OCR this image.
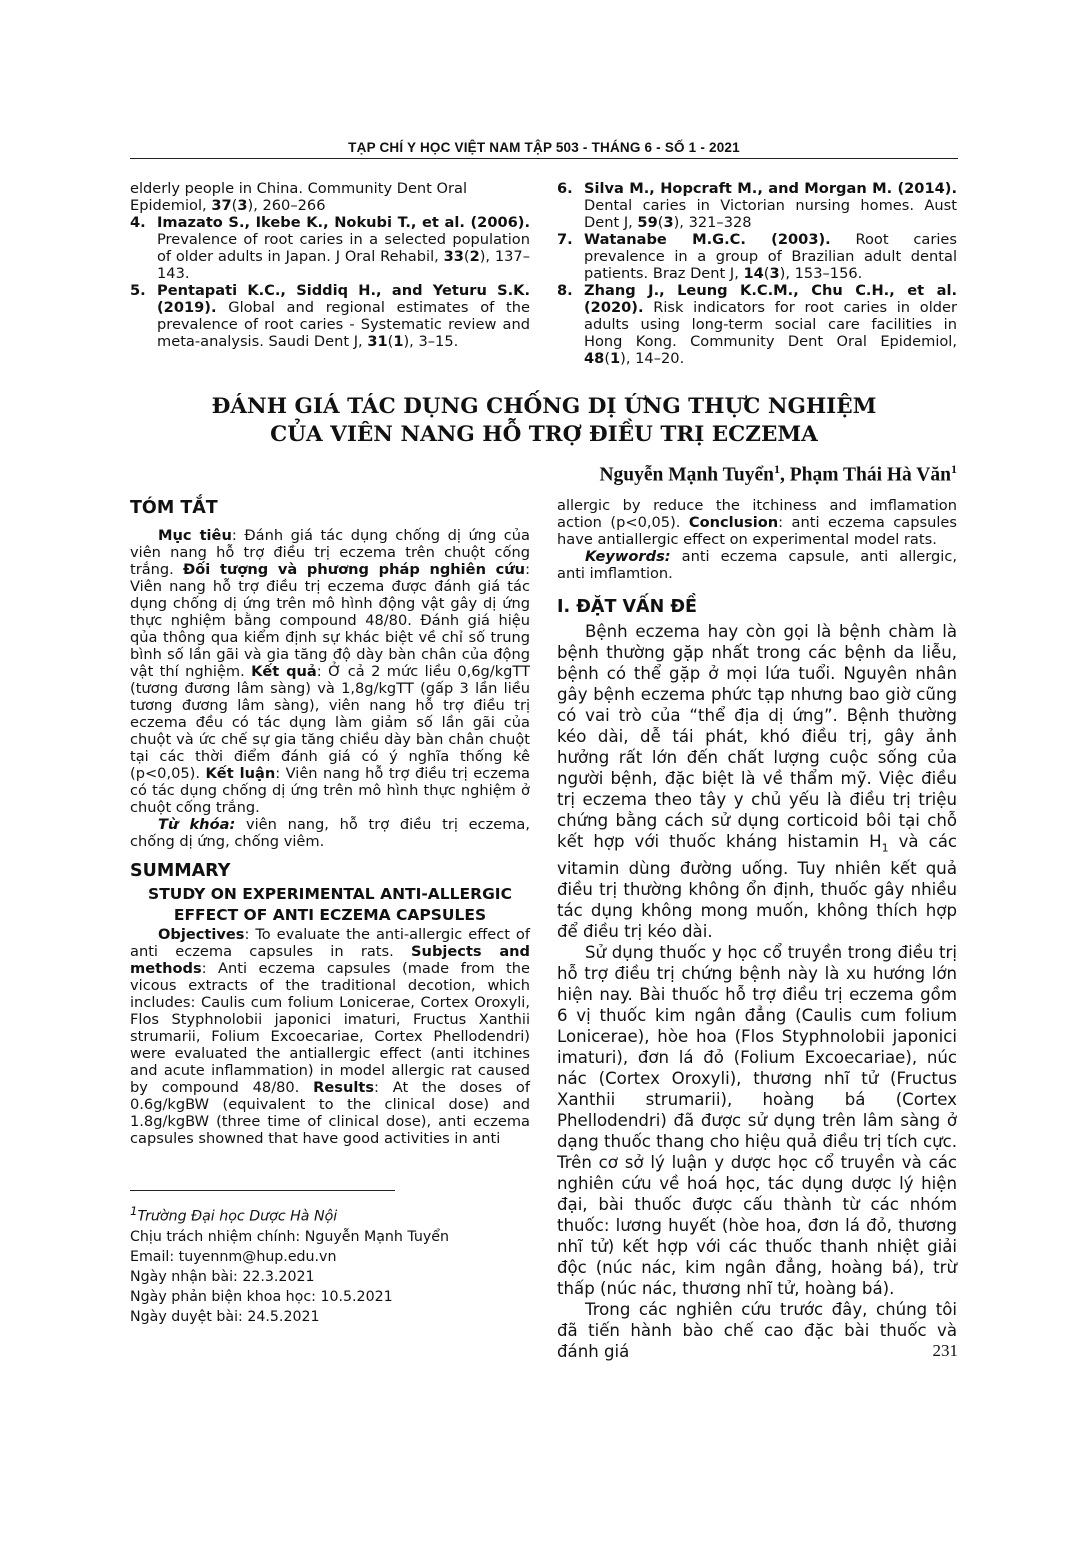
TẠP CHÍ Y HỌC VIỆT NAM TẬP 503 - THÁNG 6 - SỐ 1 - 2021
elderly people in China. Community Dent Oral
Epidemiol, 37(3), 260–266
4. Imazato S., Ikebe K., Nokubi T., et al. (2006). Prevalence of root caries in a selected population of older adults in Japan. J Oral Rehabil, 33(2), 137–143.
5. Pentapati K.C., Siddiq H., and Yeturu S.K. (2019). Global and regional estimates of the prevalence of root caries - Systematic review and meta-analysis. Saudi Dent J, 31(1), 3–15.
6. Silva M., Hopcraft M., and Morgan M. (2014). Dental caries in Victorian nursing homes. Aust Dent J, 59(3), 321–328
7. Watanabe M.G.C. (2003). Root caries prevalence in a group of Brazilian adult dental patients. Braz Dent J, 14(3), 153–156.
8. Zhang J., Leung K.C.M., Chu C.H., et al. (2020). Risk indicators for root caries in older adults using long-term social care facilities in Hong Kong. Community Dent Oral Epidemiol, 48(1), 14–20.
ĐÁNH GIÁ TÁC DỤNG CHỐNG DỊ ỨNG THỰC NGHIỆM
CỦA VIÊN NANG HỖ TRỢ ĐIỀU TRỊ ECZEMA
Nguyễn Mạnh Tuyển$^1$, Phạm Thái Hà Văn$^1$
TÓM TẮT

Mục tiêu: Đánh giá tác dụng chống dị ứng của viên nang hỗ trợ điều trị eczema trên chuột cống trắng. Đối tượng và phương pháp nghiên cứu: Viên nang hỗ trợ điều trị eczema được đánh giá tác dụng chống dị ứng trên mô hình động vật gây dị ứng thực nghiệm bằng compound 48/80. Đánh giá hiệu qủa thông qua kiểm định sự khác biệt về chỉ số trung bình số lần gãi và gia tăng độ dày bàn chân của động vật thí nghiệm. Kết quả: Ở cả 2 mức liều 0,6g/kgTT (tương đương lâm sàng) và 1,8g/kgTT (gấp 3 lần liều tương đương lâm sàng), viên nang hỗ trợ điều trị eczema đều có tác dụng làm giảm số lần gãi của chuột và ức chế sự gia tăng chiều dày bàn chân chuột tại các thời điểm đánh giá có ý nghĩa thống kê (p<0,05). Kết luận: Viên nang hỗ trợ điều trị eczema có tác dụng chống dị ứng trên mô hình thực nghiệm ở chuột cống trắng.

Từ khóa: viên nang, hỗ trợ điều trị eczema, chống dị ứng, chống viêm.

SUMMARY
STUDY ON EXPERIMENTAL ANTI-ALLERGIC
EFFECT OF ANTI ECZEMA CAPSULES

Objectives: To evaluate the anti-allergic effect of anti eczema capsules in rats. Subjects and methods: Anti eczema capsules (made from the vicous extracts of the traditional decotion, which includes: Caulis cum folium Lonicerae, Cortex Oroxyli, Flos Styphnolobii japonici imaturi, Fructus Xanthii strumarii, Folium Excoecariae, Cortex Phellodendri) were evaluated the antiallergic effect (anti itchines and acute inflammation) in model allergic rat caused by compound 48/80. Results: At the doses of 0.6g/kgBW (equivalent to the clinical dose) and 1.8g/kgBW (three time of clinical dose), anti eczema capsules showned that have good activities in anti

$^1$Trường Đại học Dược Hà Nội
Chịu trách nhiệm chính: Nguyễn Mạnh Tuyển
Email: tuyennm@hup.edu.vn
Ngày nhận bài: 22.3.2021
Ngày phản biện khoa học: 10.5.2021
Ngày duyệt bài: 24.5.2021

allergic by reduce the itchiness and imflamation action (p<0,05). Conclusion: anti eczema capsules have antiallergic effect on experimental model rats.

Keywords: anti eczema capsule, anti allergic, anti imflamtion.

I. ĐẶT VẤN ĐỀ

Bệnh eczema hay còn gọi là bệnh chàm là bệnh thường gặp nhất trong các bệnh da liễu, bệnh có thể gặp ở mọi lứa tuổi. Nguyên nhân gây bệnh eczema phức tạp nhưng bao giờ cũng có vai trò của “thể địa dị ứng”. Bệnh thường kéo dài, dễ tái phát, khó điều trị, gây ảnh hưởng rất lớn đến chất lượng cuộc sống của người bệnh, đặc biệt là về thẩm mỹ. Việc điều trị eczema theo tây y chủ yếu là điều trị triệu chứng bằng cách sử dụng corticoid bôi tại chỗ kết hợp với thuốc kháng histamin $H_1$ và các vitamin dùng đường uống. Tuy nhiên kết quả điều trị thường không ổn định, thuốc gây nhiều tác dụng không mong muốn, không thích hợp để điều trị kéo dài.

Sử dụng thuốc y học cổ truyền trong điều trị hỗ trợ điều trị chứng bệnh này là xu hướng lớn hiện nay. Bài thuốc hỗ trợ điều trị eczema gồm 6 vị thuốc kim ngân đẳng (Caulis cum folium Lonicerae), hòe hoa (Flos Styphnolobii japonici imaturi), đơn lá đỏ (Folium Excoecariae), núc nác (Cortex Oroxyli), thương nhĩ tử (Fructus Xanthii strumarii), hoàng bá (Cortex Phellodendri) đã được sử dụng trên lâm sàng ở dạng thuốc thang cho hiệu quả điều trị tích cực. Trên cơ sở lý luận y dược học cổ truyền và các nghiên cứu về hoá học, tác dụng dược lý hiện đại, bài thuốc được cấu thành từ các nhóm thuốc: lương huyết (hòe hoa, đơn lá đỏ, thương nhĩ tử) kết hợp với các thuốc thanh nhiệt giải độc (núc nác, kim ngân đẳng, hoàng bá), trừ thấp (núc nác, thương nhĩ tử, hoàng bá).

Trong các nghiên cứu trước đây, chúng tôi đã tiến hành bào chế cao đặc bài thuốc và đánh giá	231
